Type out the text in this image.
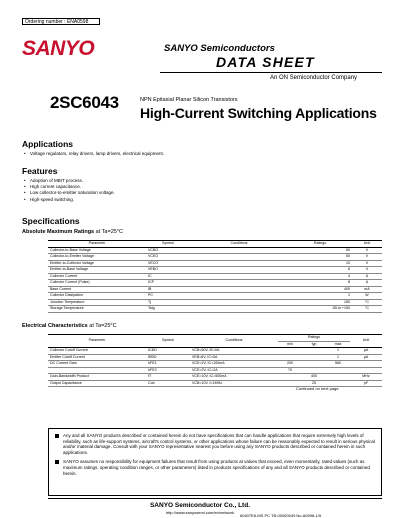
Ordering number : ENA0598
SANYO	SANYO Semiconductors
DATA SHEET
An ON Semiconductor Company
2SC6043	NPN Epitaxial Planar Silicon Transistors
High-Current Switching Applications
Applications
• Voltage regulators, relay drivers, lamp drivers, electrical equipment.
Features
• Adoption of MBIT process.
• High current capacitance.
• Low collector-to-emitter saturation voltage.
• High-speed switching.
Specifications
Absolute Maximum Ratings at Ta=25°C
Parameter	Symbol	Conditions	Ratings	Unit
Collector-to-Base Voltage	VCBO		60	V
Collector-to-Emitter Voltage	VCEO		50	V
Emitter-to-Collector Voltage	VECO		10	V
Emitter-to-Base Voltage	VEBO		6	V
Collector Current	IC		4	A
Collector Current (Pulse)	ICP		8	A
Base Current	IB		400	mA
Collector Dissipation	PC		1	W
Junction Temperature	Tj		150	°C
Storage Temperature	Tstg		-55 to +150	°C
Electrical Characteristics at Ta=25°C
Parameter	Symbol	Conditions	Ratings			Unit
			min	typ	max	
Collector Cutoff Current	ICBO	VCB=60V, IE=0A			1	µA
Emitter Cutoff Current	IEBO	VEB=6V, IC=0A			1	µA
DC Current Gain	hFE1	VCE=2V, IC=100mA	200		560	
	hFE2	VCE=2V, IC=2A	70			
Gain-Bandwidth Product	fT	VCE=10V, IC=500mA		400		MHz
Output Capacitance	Cob	VCB=10V, f=1MHz		25		pF
Continued on next page.

Any and all SANYO products described or contained herein do not have specifications that can handle applications that require extremely high levels of reliability, such as life-support systems, aircraft's control systems, or other applications whose failure can be reasonably expected to result in serious physical and/or material damage. Consult with your SANYO representative nearest you before using any SANYO products described or contained herein in such applications.

SANYO assumes no responsibility for equipment failures that result from using products at values that exceed, even momentarily, rated values (such as maximum ratings, operating condition ranges, or other parameters) listed in products specifications of any and all SANYO products described or contained herein.

SANYO Semiconductor Co., Ltd.
http://www.sanyosemi.com/en/network
60407EA MS PC TB-00000049 No.A0598-1/5
